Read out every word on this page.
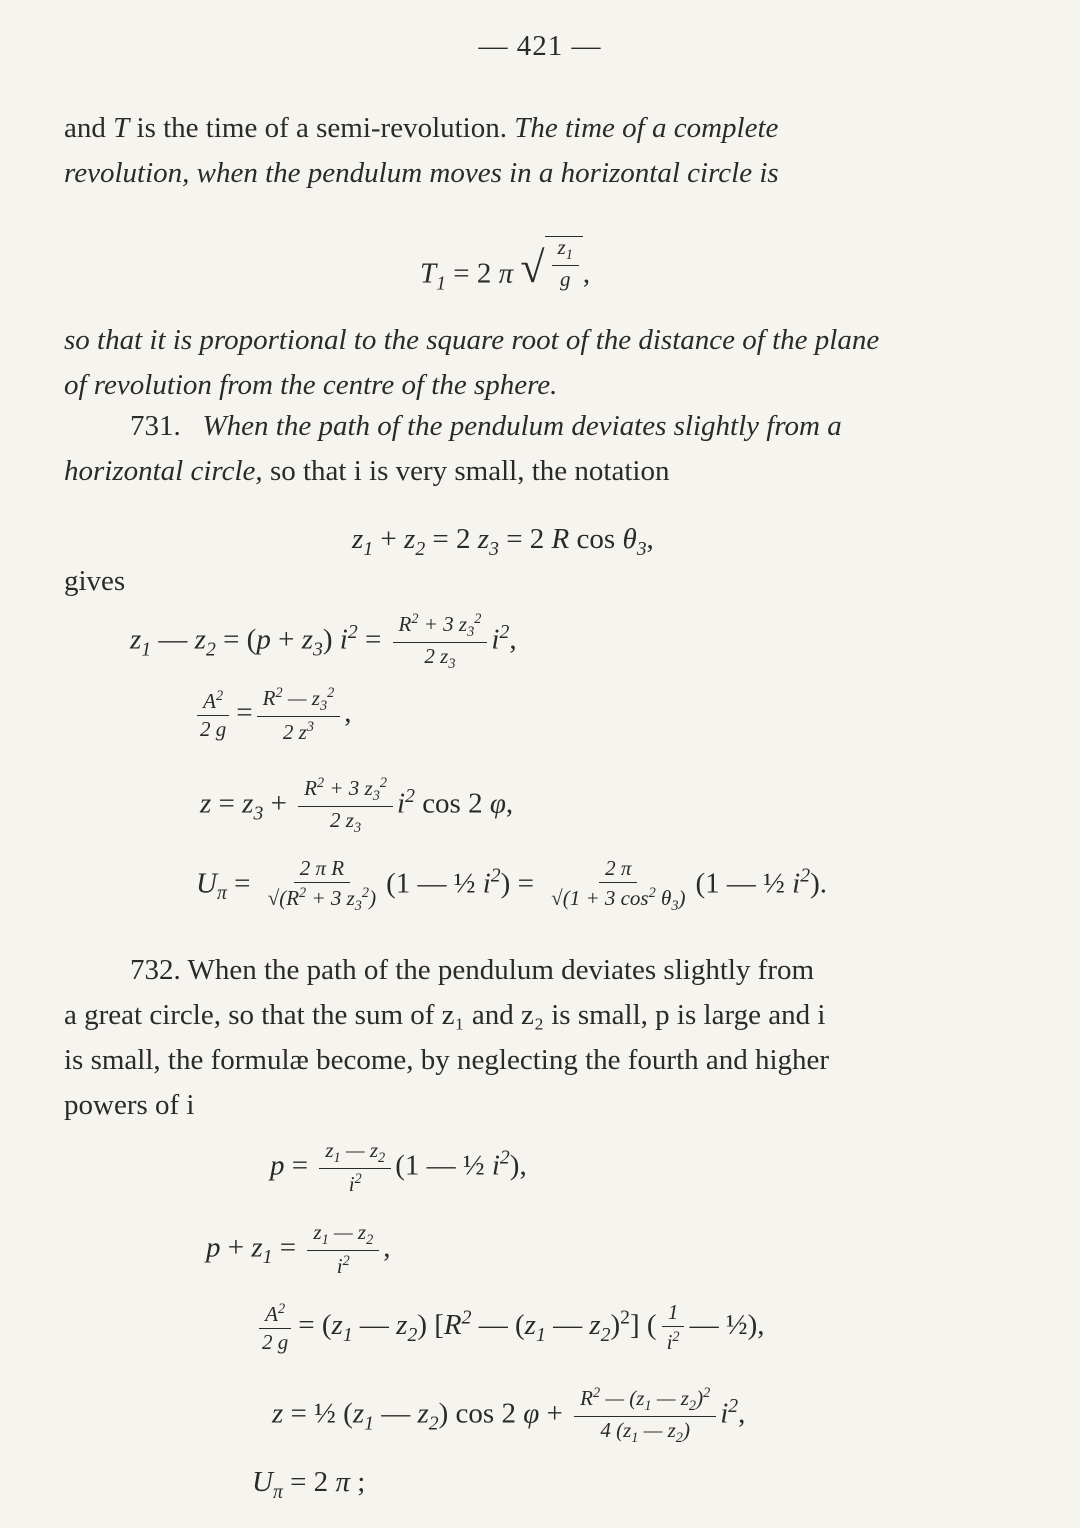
— 421 —
and T is the time of a semi-revolution. The time of a complete
revolution, when the pendulum moves in a horizontal circle is
$T_1 = 2$ π √ $\frac{z_1}{g}$ ,
so that it is proportional to the square root of the distance of the plane
of revolution from the centre of the sphere.
731. When the path of the pendulum deviates slightly from a
horizontal circle, so that i is very small, the notation
$z_1 + z_2 = 2$ $z_3 = 2$ R $\cos \theta_3$,
gives
$z_1$ — $z_2 = (p + z_3) i^2 = \frac{R^2 + 3 z_3^2}{2 z_3} i^2$,
$\frac{A^2}{2 g} = \frac{R^2 — z_3^2}{2 z^3}$ ,
$z = z_3 + \frac{R^2 + 3 z_3^2}{2 z_3} i^2$ cos 2 φ,
$U_\pi = \frac{\text{2 π R}}{√(R^2 + 3 z_3^2)} (1$ — ½ $i^2) = \frac{2 \pi}{√(1 + 3 \cos^2 \theta_3)} (1$ — ½ $i^2$).
732. When the path of the pendulum deviates slightly from
a great circle, so that the sum of z₁ and z₂ is small, p is large and i
is small, the formulæ become, by neglecting the fourth and higher
powers of i
$p = \frac{z_1 — z_2}{i^2} (1$ — ½ $i^2$),
$p + z_1 = \frac{z_1 — z_2}{i^2}$ ,
$\frac{A^2}{2 g} = (z_1$ — $z_2$) [$R^2$ — ($z_1$ — $z_2)^2$] ( $\frac{1}{i^2}$ — ½),
z = ½ ($z_1$ — $z_2$) cos 2 $\varphi + \frac{R^2 — (z_1 — z_2)^2}{4 (z_1 — z_2)} i^2$,
$U_\pi = 2$ π ;
